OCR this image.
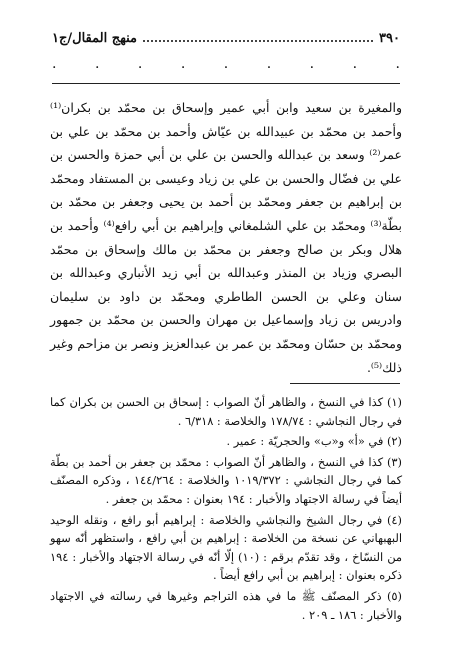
٣٩٠
منهج المقال/ج١
.
.
.
.
.
.
.
.
.

والمغيرة بن سعيد وابن أبي عمير وإسحاق بن محمّد بن بكران⁽¹⁾ وأحمد بن محمّد بن عبيدالله بن عيّاش وأحمد بن محمّد بن علي بن عمر⁽²⁾ وسعد بن عبدالله والحسن بن علي بن أبي حمزة والحسن بن علي بن فضّال والحسن بن علي بن زياد وعيسى بن المستفاد ومحمّد بن إبراهيم بن جعفر ومحمّد بن أحمد بن يحيى وجعفر بن محمّد بن بطّة⁽³⁾ ومحمّد بن علي الشلمغاني وإبراهيم بن أبي رافع⁽⁴⁾ وأحمد بن هلال وبكر بن صالح وجعفر بن محمّد بن مالك وإسحاق بن محمّد البصري وزياد بن المنذر وعبدالله بن أبي زيد الأنباري وعبدالله بن سنان وعلي بن الحسن الطاطري ومحمّد بن داود بن سليمان وادريس بن زياد وإسماعيل بن مهران والحسن بن محمّد بن جمهور ومحمّد بن حسّان ومحمّد بن عمر بن عبدالعزيز ونصر بن مزاحم وغير ذلك⁽⁵⁾.

(١) كذا في النسخ ، والظاهر أنّ الصواب : إسحاق بن الحسن بن بكران كما في رجال النجاشي : ١٧٨/٧٤ والخلاصة : ٦/٣١٨ .

(٢) في «أ» و«ب» والحجريّة : عمير .

(٣) كذا في النسخ ، والظاهر أنّ الصواب : محمّد بن جعفر بن أحمد بن بطّة كما في رجال النجاشي : ١٠١٩/٣٧٢ والخلاصة : ١٤٤/٢٦٤ ، وذكره المصنّف أيضاً في رسالة الاجتهاد والأخبار : ١٩٤ بعنوان : محمّد بن جعفر .

(٤) في رجال الشيخ والنجاشي والخلاصة : إبراهيم أبو رافع ، ونقله الوحيد البهبهاني عن نسخة من الخلاصة : إبراهيم بن أبي رافع ، واستظهر أنّه سهو من النسّاخ ، وقد تقدّم برقم : (١٠) إلّا أنّه في رسالة الاجتهاد والأخبار : ١٩٤ ذكره بعنوان : إبراهيم بن أبي رافع أيضاً .

(٥) ذكر المصنّف ﷺ ما في هذه التراجم وغيرها في رسالته في الاجتهاد والأخبار : ١٨٦ ـ ٢٠٩ .
